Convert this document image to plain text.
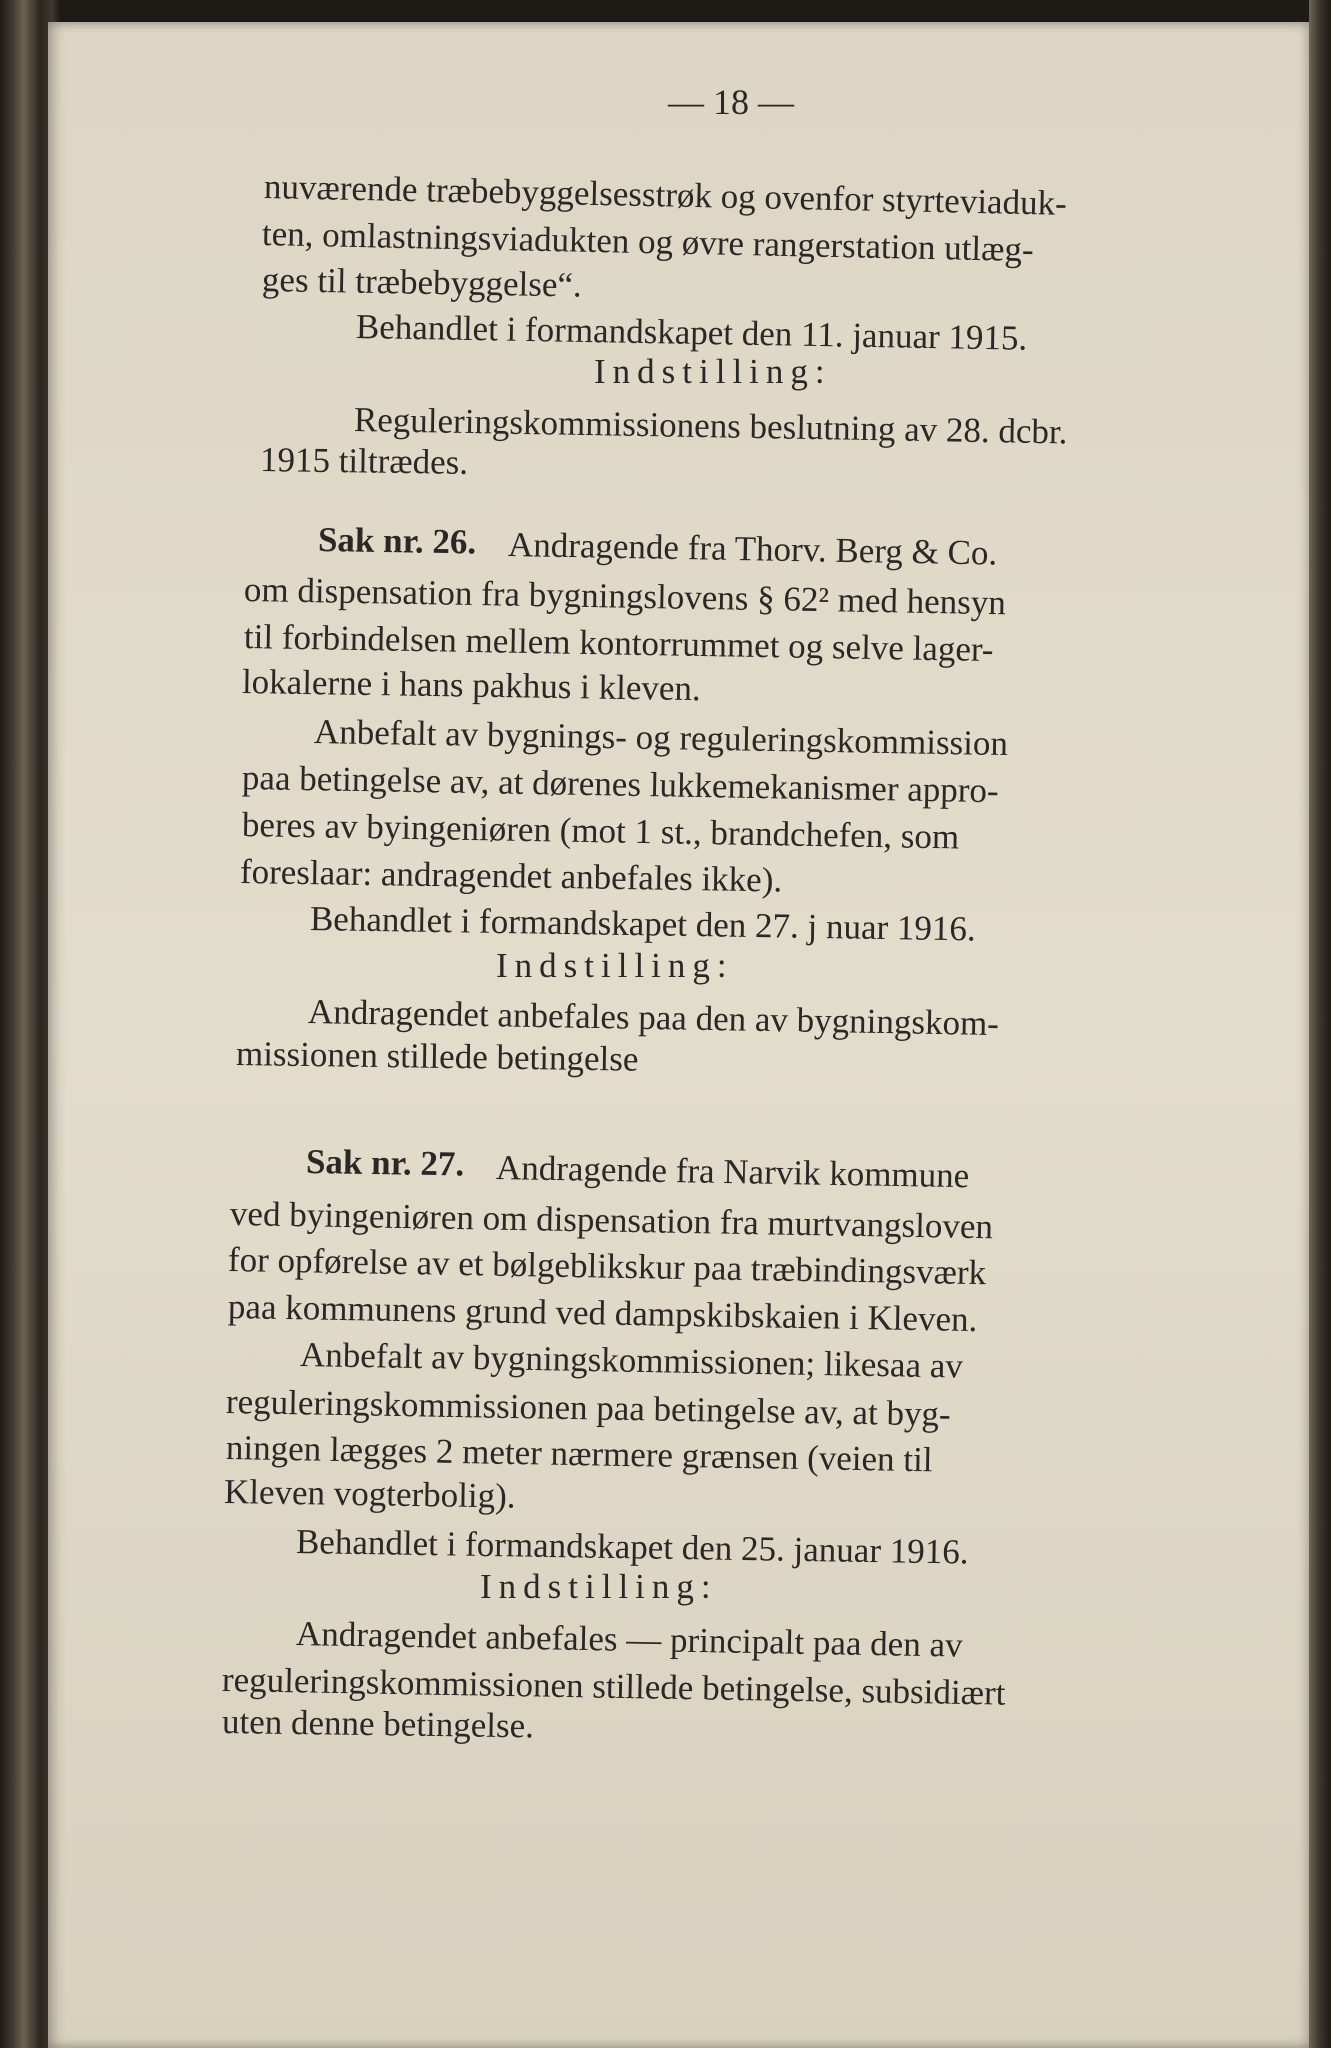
— 18 —
nuværende træbebyggelsesstrøk og ovenfor styrteviaduk-
ten, omlastningsviadukten og øvre rangerstation utlæg-
ges til træbebyggelse“.
Behandlet i formandskapet den 11. januar 1915.
Indstilling:
Reguleringskommissionens beslutning av 28. dcbr.
1915 tiltrædes.
Sak nr. 26. Andragende fra Thorv. Berg & Co.
om dispensation fra bygningslovens § 62² med hensyn
til forbindelsen mellem kontorrummet og selve lager-
lokalerne i hans pakhus i kleven.
Anbefalt av bygnings- og reguleringskommission
paa betingelse av, at dørenes lukkemekanismer appro-
beres av byingeniøren (mot 1 st., brandchefen, som
foreslaar: andragendet anbefales ikke).
Behandlet i formandskapet den 27. j nuar 1916.
Indstilling:
Andragendet anbefales paa den av bygningskom-
missionen stillede betingelse
Sak nr. 27. Andragende fra Narvik kommune
ved byingeniøren om dispensation fra murtvangsloven
for opførelse av et bølgeblikskur paa træbindingsværk
paa kommunens grund ved dampskibskaien i Kleven.
Anbefalt av bygningskommissionen; likesaa av
reguleringskommissionen paa betingelse av, at byg-
ningen lægges 2 meter nærmere grænsen (veien til
Kleven vogterbolig).
Behandlet i formandskapet den 25. januar 1916.
Indstilling:
Andragendet anbefales — principalt paa den av
reguleringskommissionen stillede betingelse, subsidiært
uten denne betingelse.
